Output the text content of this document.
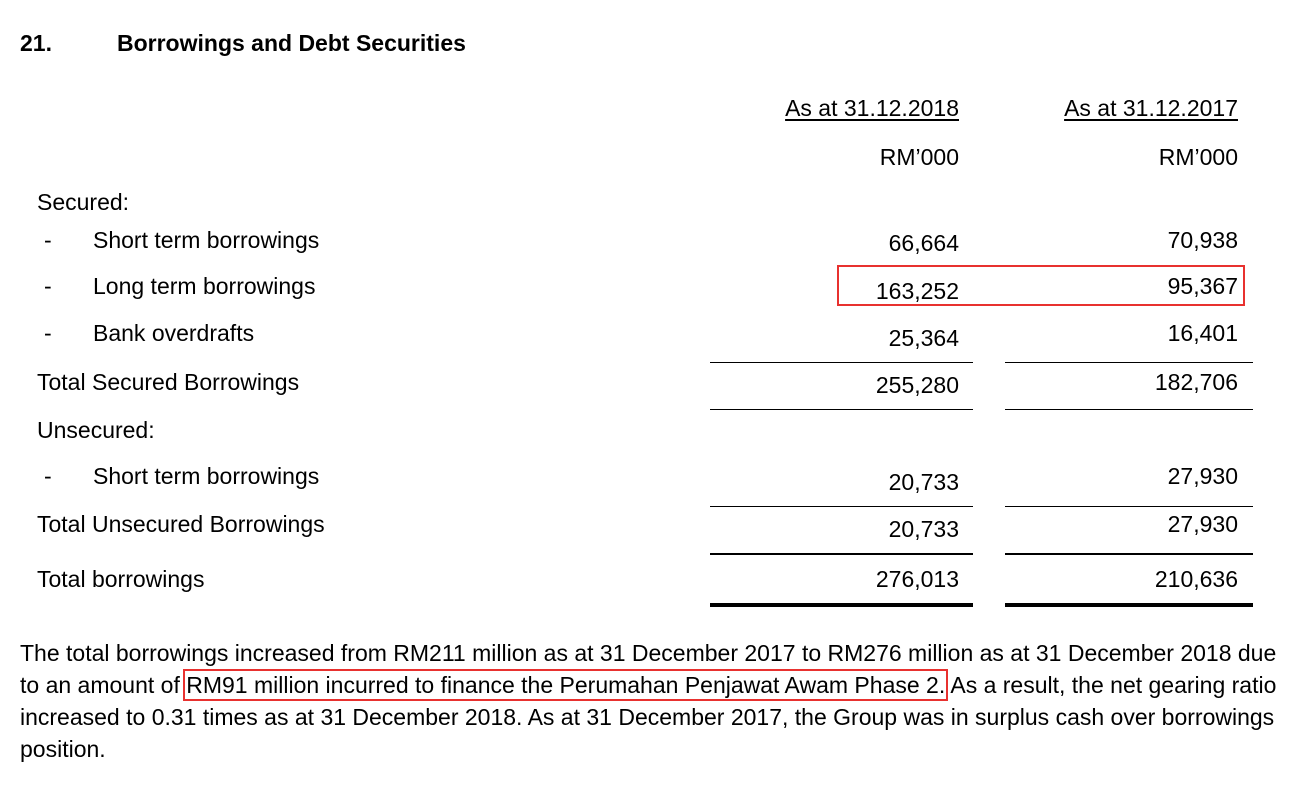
21.	Borrowings and Debt Securities
As at 31.12.2018	As at 31.12.2017
RM’000	RM’000
Secured:
- Short term borrowings	66,664	70,938
- Long term borrowings	163,252	95,367
- Bank overdrafts	25,364	16,401
Total Secured Borrowings	255,280	182,706
Unsecured:
- Short term borrowings	20,733	27,930
Total Unsecured Borrowings	20,733	27,930
Total borrowings	276,013	210,636
The total borrowings increased from RM211 million as at 31 December 2017 to RM276 million as at 31 December 2018 due to an amount of RM91 million incurred to finance the Perumahan Penjawat Awam Phase 2. As a result, the net gearing ratio increased to 0.31 times as at 31 December 2018. As at 31 December 2017, the Group was in surplus cash over borrowings position.
